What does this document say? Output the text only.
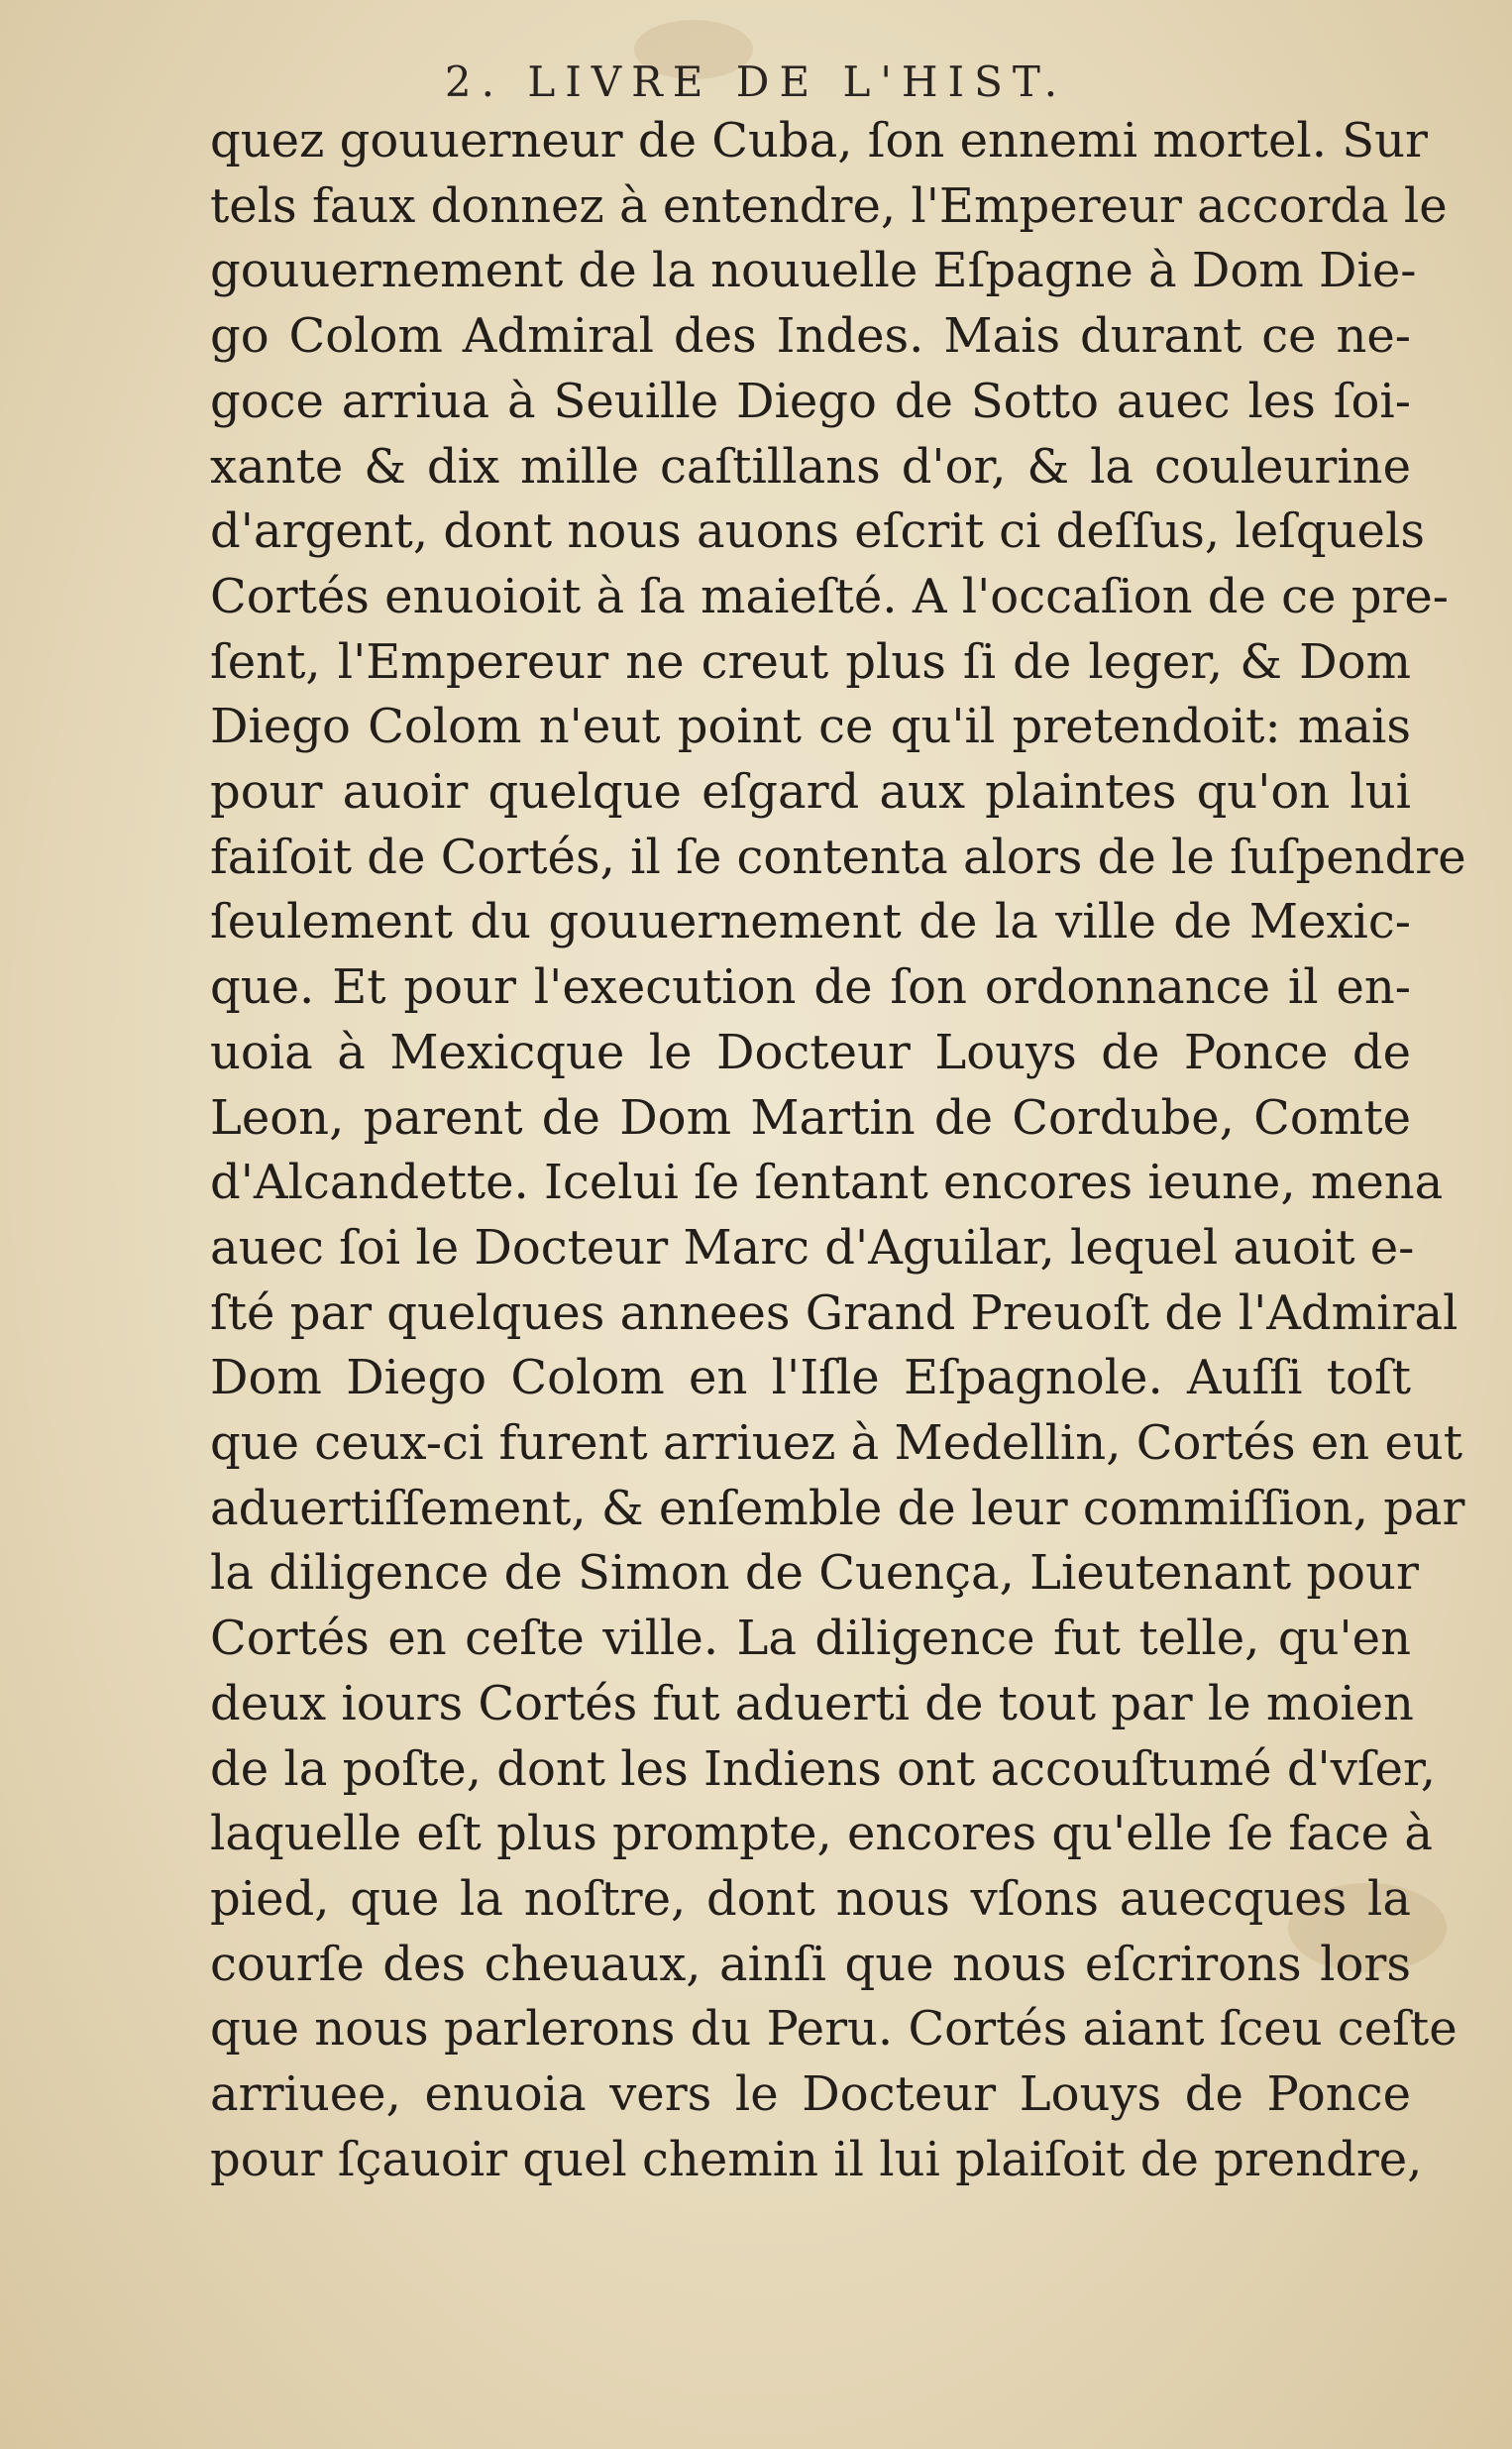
2. LIVRE DE L'HIST.
quez gouuerneur de Cuba, ſon ennemi mortel. Sur
tels faux donnez à entendre, l'Empereur accorda le
gouuernement de la nouuelle Eſpagne à Dom Die-
go Colom Admiral des Indes. Mais durant ce ne-
goce arriua à Seuille Diego de Sotto auec les ſoi-
xante & dix mille caſtillans d'or, & la couleurine
d'argent, dont nous auons eſcrit ci deſſus, leſquels
Cortés enuoioit à ſa maieſté. A l'occaſion de ce pre-
ſent, l'Empereur ne creut plus ſi de leger, & Dom
Diego Colom n'eut point ce qu'il pretendoit: mais
pour auoir quelque eſgard aux plaintes qu'on lui
faiſoit de Cortés, il ſe contenta alors de le ſuſpendre
ſeulement du gouuernement de la ville de Mexic-
que. Et pour l'execution de ſon ordonnance il en-
uoia à Mexicque le Docteur Louys de Ponce de
Leon, parent de Dom Martin de Cordube, Comte
d'Alcandette. Icelui ſe ſentant encores ieune, mena
auec ſoi le Docteur Marc d'Aguilar, lequel auoit e-
ſté par quelques annees Grand Preuoſt de l'Admiral
Dom Diego Colom en l'Iſle Eſpagnole. Auſſi toſt
que ceux-ci furent arriuez à Medellin, Cortés en eut
aduertiſſement, & enſemble de leur commiſſion, par
la diligence de Simon de Cuença, Lieutenant pour
Cortés en ceſte ville. La diligence fut telle, qu'en
deux iours Cortés fut aduerti de tout par le moien
de la poſte, dont les Indiens ont accouſtumé d'vſer,
laquelle eſt plus prompte, encores qu'elle ſe face à
pied, que la noſtre, dont nous vſons auecques la
courſe des cheuaux, ainſi que nous eſcrirons lors
que nous parlerons du Peru. Cortés aiant ſceu ceſte
arriuee, enuoia vers le Docteur Louys de Ponce
pour ſçauoir quel chemin il lui plaiſoit de prendre,
